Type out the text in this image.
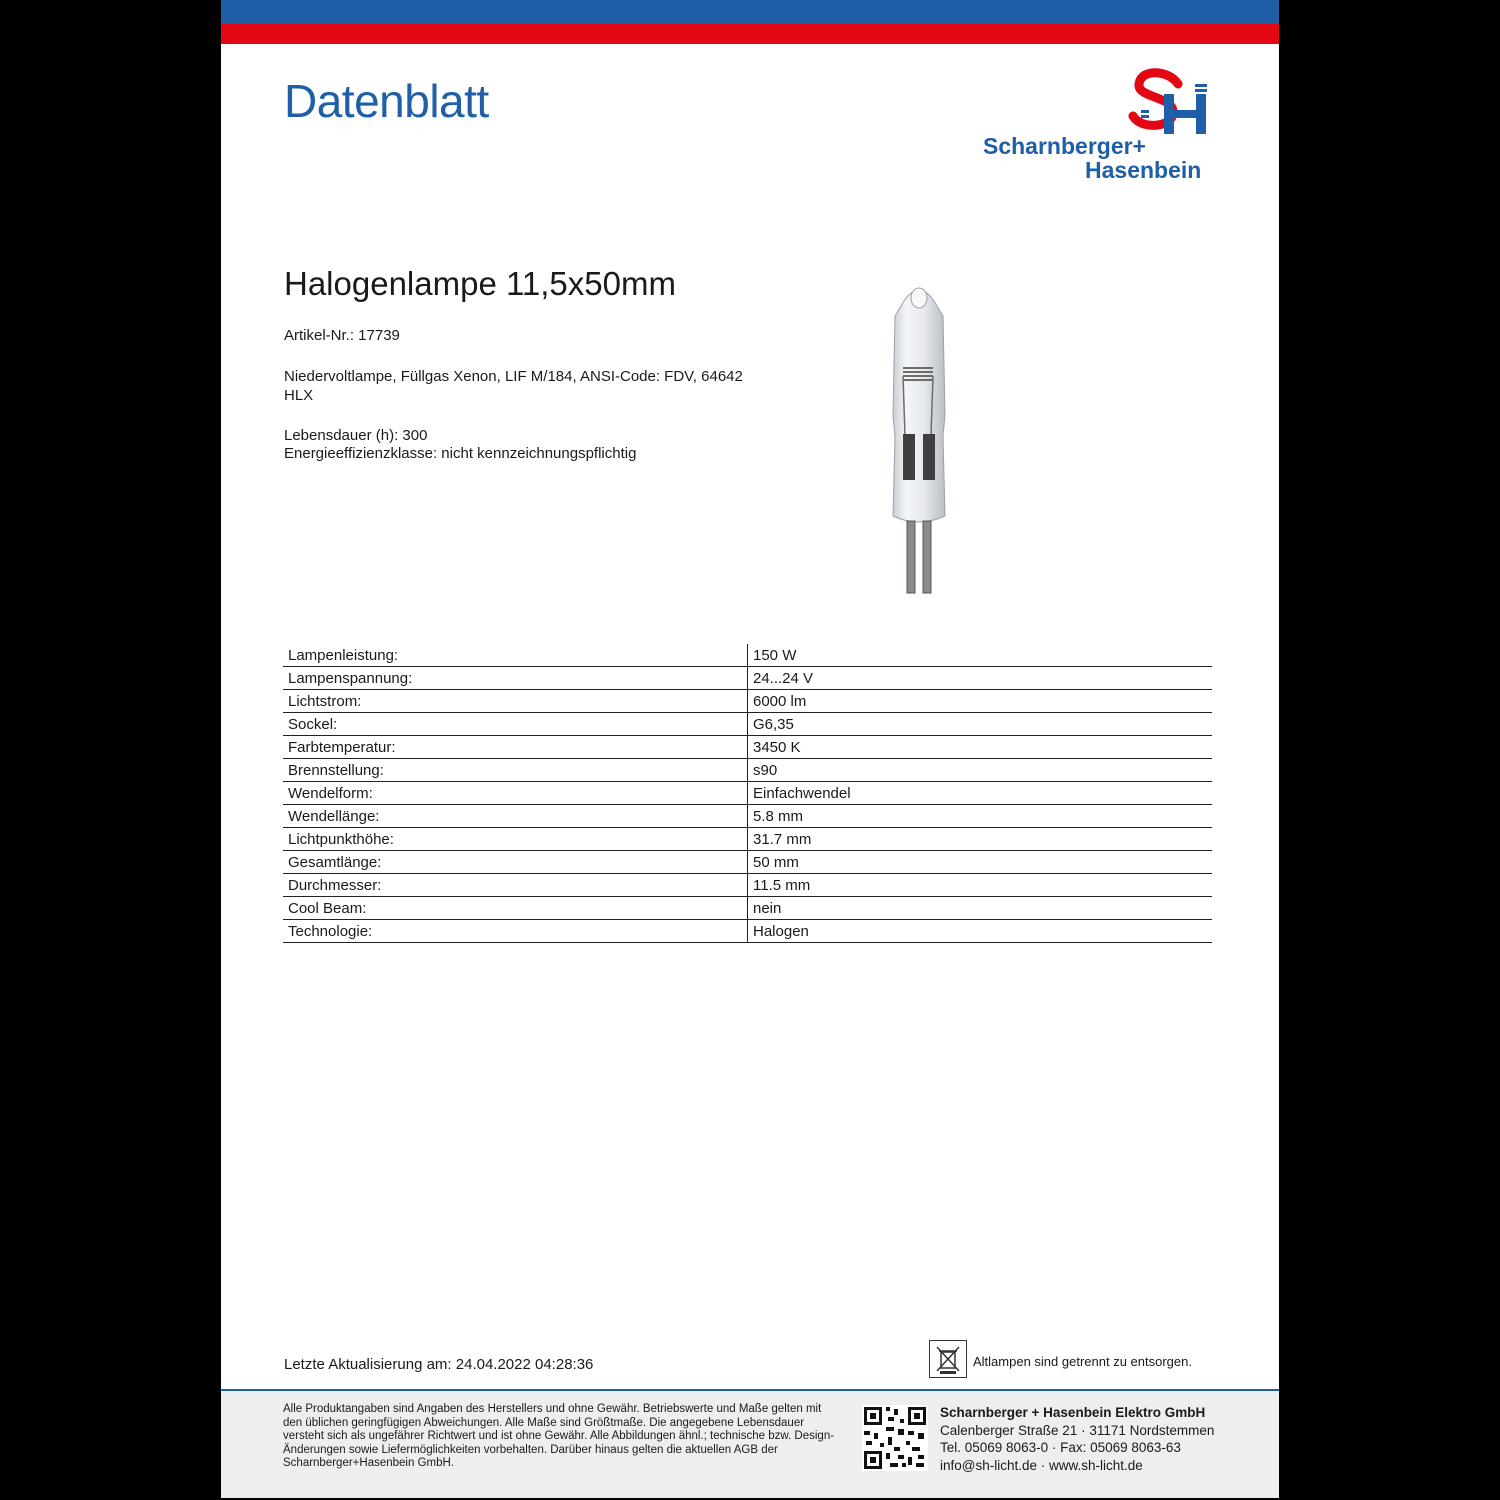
Datenblatt
Scharnberger+
Hasenbein
Halogenlampe 11,5x50mm
Artikel-Nr.: 17739
Niedervoltlampe, Füllgas Xenon, LIF M/184, ANSI-Code: FDV, 64642 HLX
Lebensdauer (h): 300
Energieeffizienzklasse: nicht kennzeichnungspflichtig
Lampenleistung:	150 W
Lampenspannung:	24...24 V
Lichtstrom:	6000 lm
Sockel:	G6,35
Farbtemperatur:	3450 K
Brennstellung:	s90
Wendelform:	Einfachwendel
Wendellänge:	5.8 mm
Lichtpunkthöhe:	31.7 mm
Gesamtlänge:	50 mm
Durchmesser:	11.5 mm
Cool Beam:	nein
Technologie:	Halogen
Letzte Aktualisierung am: 24.04.2022 04:28:36	Altlampen sind getrennt zu entsorgen.
Alle Produktangaben sind Angaben des Herstellers und ohne Gewähr. Betriebswerte und Maße gelten mit den üblichen geringfügigen Abweichungen. Alle Maße sind Größtmaße. Die angegebene Lebensdauer versteht sich als ungefährer Richtwert und ist ohne Gewähr. Alle Abbildungen ähnl.; technische bzw. Design-Änderungen sowie Liefermöglichkeiten vorbehalten. Darüber hinaus gelten die aktuellen AGB der Scharnberger+Hasenbein GmbH.
Scharnberger + Hasenbein Elektro GmbH
Calenberger Straße 21 · 31171 Nordstemmen
Tel. 05069 8063-0 · Fax: 05069 8063-63
info@sh-licht.de · www.sh-licht.de
